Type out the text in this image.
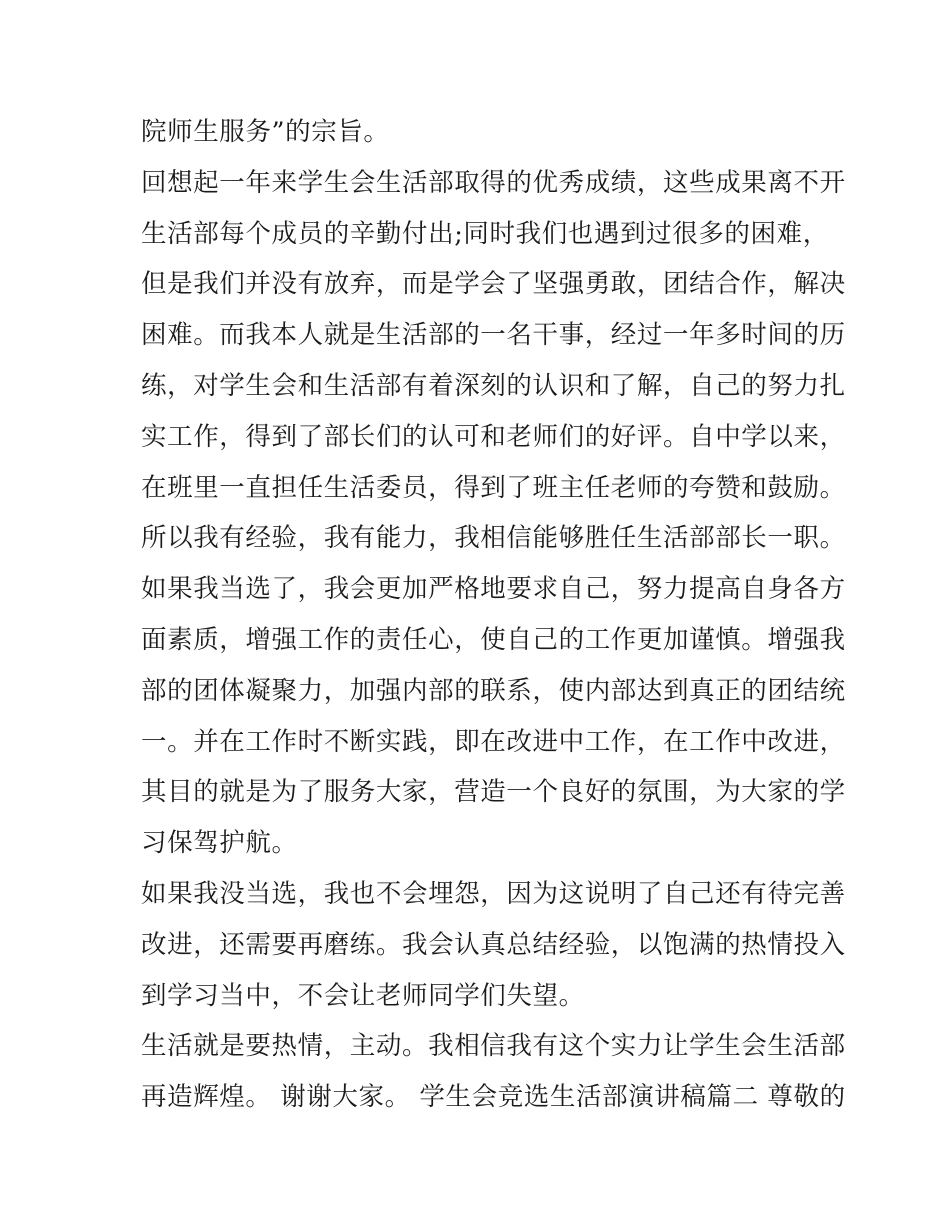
院师生服务”的宗旨。
回想起一年来学生会生活部取得的优秀成绩，这些成果离不开
生活部每个成员的辛勤付出;同时我们也遇到过很多的困难，
但是我们并没有放弃，而是学会了坚强勇敢，团结合作，解决
困难。而我本人就是生活部的一名干事，经过一年多时间的历
练，对学生会和生活部有着深刻的认识和了解，自己的努力扎
实工作，得到了部长们的认可和老师们的好评。自中学以来，
在班里一直担任生活委员，得到了班主任老师的夸赞和鼓励。
所以我有经验，我有能力，我相信能够胜任生活部部长一职。
如果我当选了，我会更加严格地要求自己，努力提高自身各方
面素质，增强工作的责任心，使自己的工作更加谨慎。增强我
部的团体凝聚力，加强内部的联系，使内部达到真正的团结统
一。并在工作时不断实践，即在改进中工作，在工作中改进，
其目的就是为了服务大家，营造一个良好的氛围，为大家的学
习保驾护航。
如果我没当选，我也不会埋怨，因为这说明了自己还有待完善
改进，还需要再磨练。我会认真总结经验，以饱满的热情投入
到学习当中，不会让老师同学们失望。
生活就是要热情，主动。我相信我有这个实力让学生会生活部
再造辉煌。 谢谢大家。 学生会竞选生活部演讲稿篇二 尊敬的
